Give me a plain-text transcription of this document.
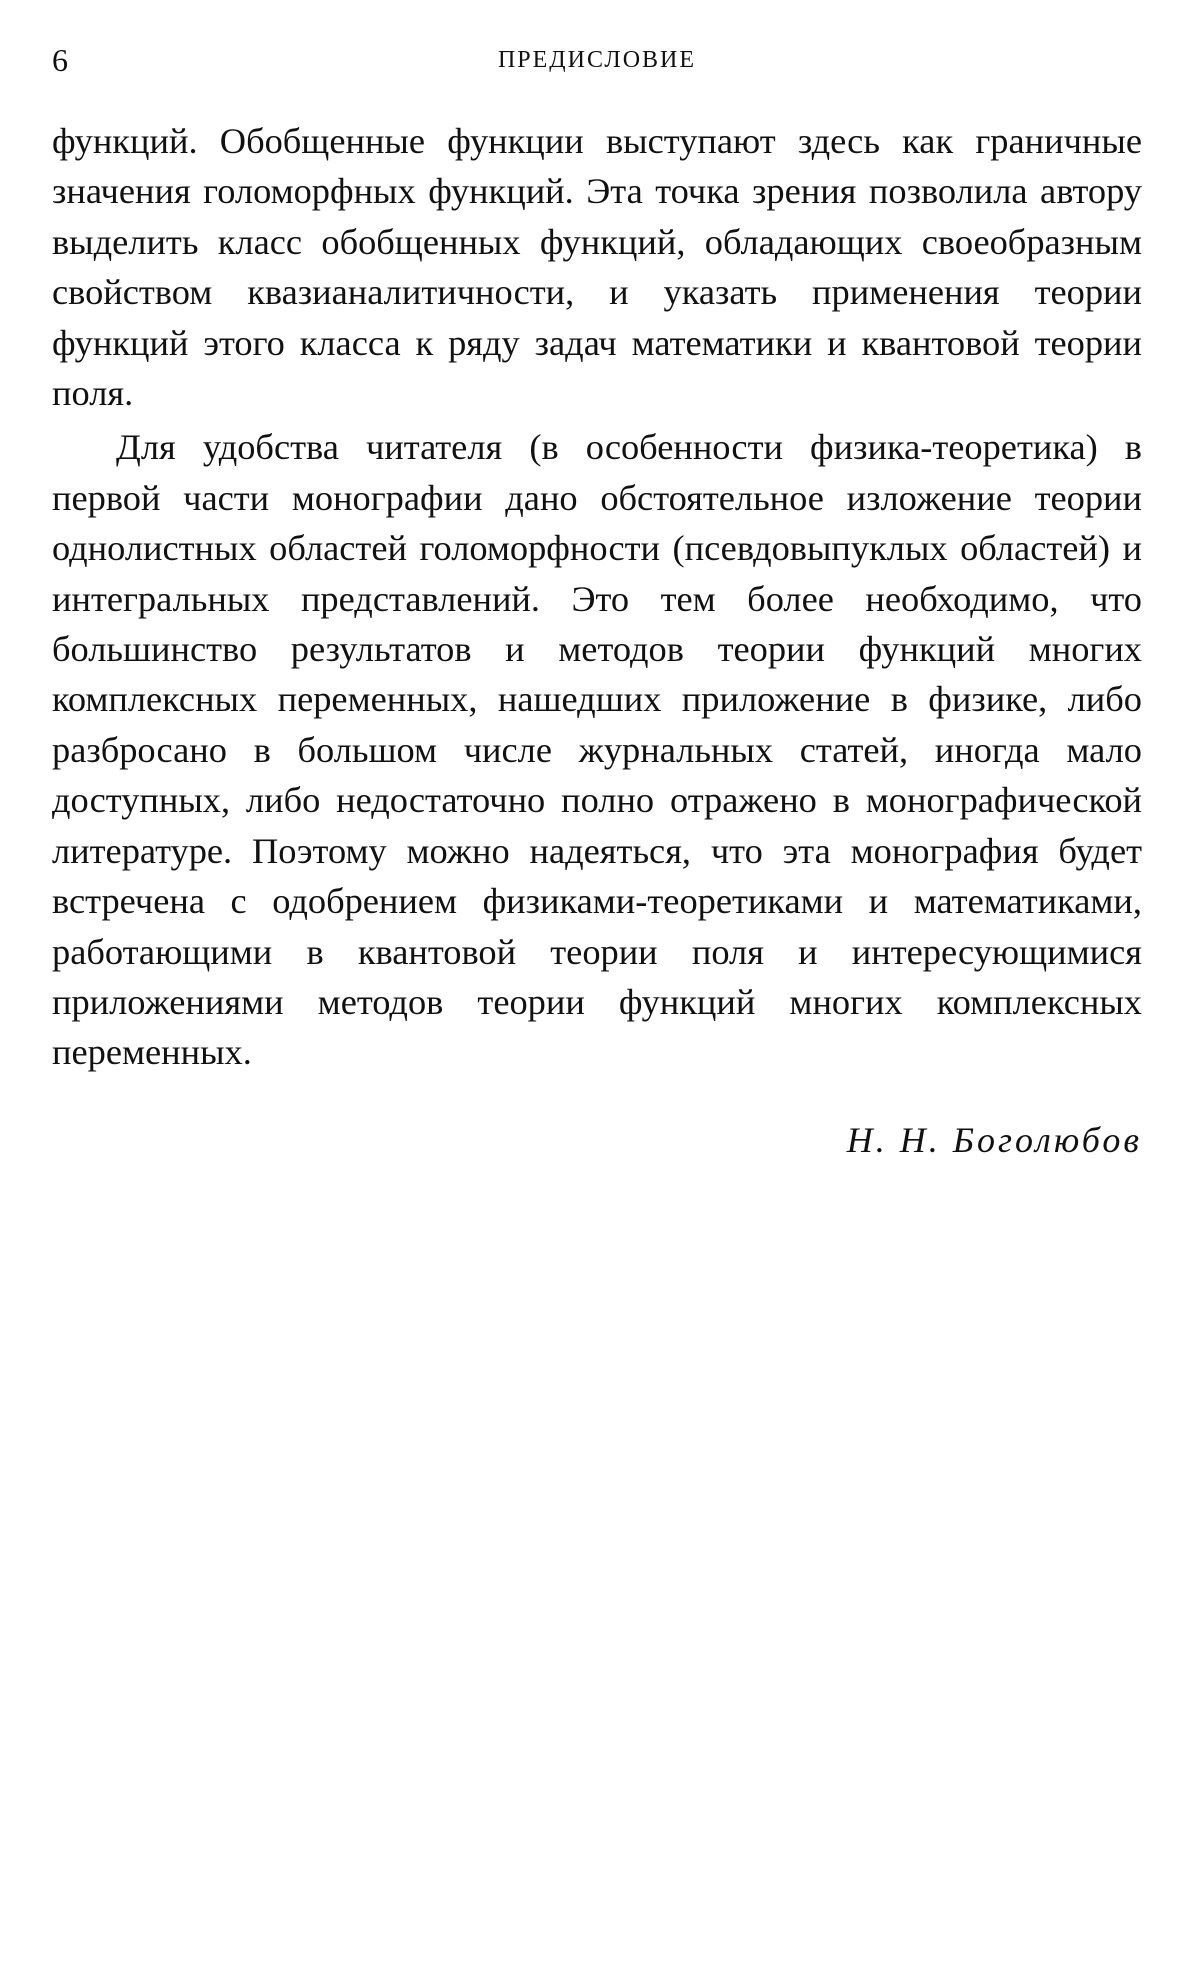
6	ПРЕДИСЛОВИЕ

функций. Обобщенные функции выступают здесь как граничные значения голоморфных функций. Эта точка зрения позволила автору выделить класс обобщенных функций, обладающих своеобразным свойством квазианалитичности, и указать применения теории функций этого класса к ряду задач математики и квантовой теории поля.

Для удобства читателя (в особенности физика-теоретика) в первой части монографии дано обстоятельное изложение теории однолистных областей голоморфности (псевдовыпуклых областей) и интегральных представлений. Это тем более необходимо, что большинство результатов и методов теории функций многих комплексных переменных, нашедших приложение в физике, либо разбросано в большом числе журнальных статей, иногда мало доступных, либо недостаточно полно отражено в монографической литературе. Поэтому можно надеяться, что эта монография будет встречена с одобрением физиками-теоретиками и математиками, работающими в квантовой теории поля и интересующимися приложениями методов теории функций многих комплексных переменных.

Н. Н. Боголюбов
